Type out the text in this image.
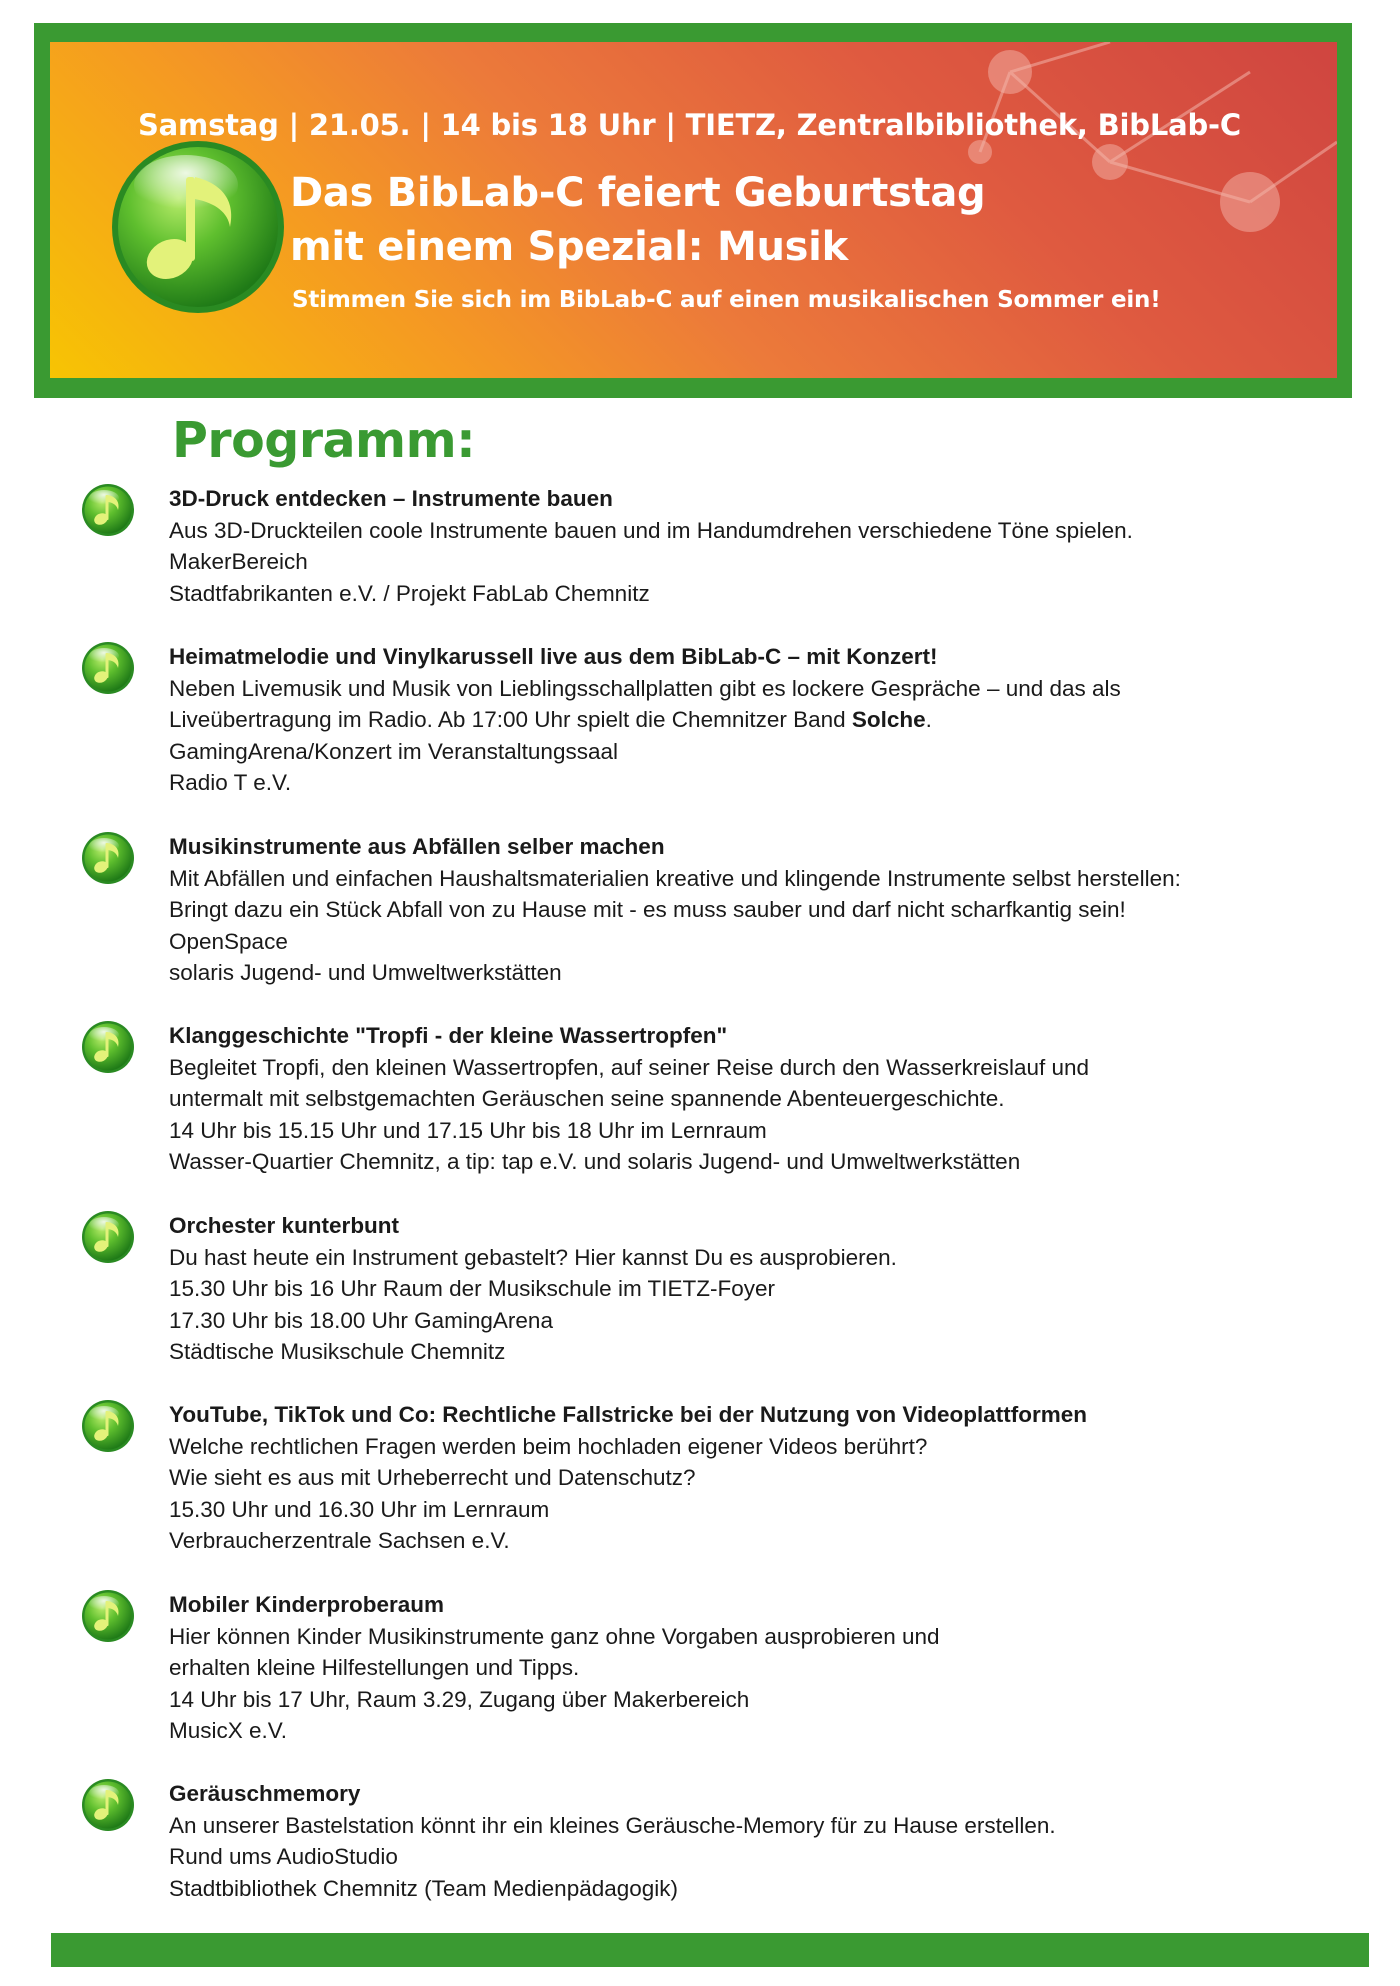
Samstag | 21.05. | 14 bis 18 Uhr | TIETZ, Zentralbibliothek, BibLab-C

Das BibLab-C feiert Geburtstag
mit einem Spezial: Musik

Stimmen Sie sich im BibLab-C auf einen musikalischen Sommer ein!

Programm:
3D-Druck entdecken – Instrumente bauen
Aus 3D-Druckteilen coole Instrumente bauen und im Handumdrehen verschiedene Töne spielen.
MakerBereich
Stadtfabrikanten e.V. / Projekt FabLab Chemnitz
Heimatmelodie und Vinylkarussell live aus dem BibLab-C – mit Konzert!
Neben Livemusik und Musik von Lieblingsschallplatten gibt es lockere Gespräche – und das als
Liveübertragung im Radio. Ab 17:00 Uhr spielt die Chemnitzer Band Solche.
GamingArena/Konzert im Veranstaltungssaal
Radio T e.V.
Musikinstrumente aus Abfällen selber machen
Mit Abfällen und einfachen Haushaltsmaterialien kreative und klingende Instrumente selbst herstellen:
Bringt dazu ein Stück Abfall von zu Hause mit - es muss sauber und darf nicht scharfkantig sein!
OpenSpace
solaris Jugend- und Umweltwerkstätten
Klanggeschichte "Tropfi - der kleine Wassertropfen"
Begleitet Tropfi, den kleinen Wassertropfen, auf seiner Reise durch den Wasserkreislauf und
untermalt mit selbstgemachten Geräuschen seine spannende Abenteuergeschichte.
14 Uhr bis 15.15 Uhr und 17.15 Uhr bis 18 Uhr im Lernraum
Wasser-Quartier Chemnitz, a tip: tap e.V. und solaris Jugend- und Umweltwerkstätten
Orchester kunterbunt
Du hast heute ein Instrument gebastelt? Hier kannst Du es ausprobieren.
15.30 Uhr bis 16 Uhr Raum der Musikschule im TIETZ-Foyer
17.30 Uhr bis 18.00 Uhr GamingArena
Städtische Musikschule Chemnitz
YouTube, TikTok und Co: Rechtliche Fallstricke bei der Nutzung von Videoplattformen
Welche rechtlichen Fragen werden beim hochladen eigener Videos berührt?
Wie sieht es aus mit Urheberrecht und Datenschutz?
15.30 Uhr und 16.30 Uhr im Lernraum
Verbraucherzentrale Sachsen e.V.
Mobiler Kinderproberaum
Hier können Kinder Musikinstrumente ganz ohne Vorgaben ausprobieren und
erhalten kleine Hilfestellungen und Tipps.
14 Uhr bis 17 Uhr, Raum 3.29, Zugang über Makerbereich
MusicX e.V.
Geräuschmemory
An unserer Bastelstation könnt ihr ein kleines Geräusche-Memory für zu Hause erstellen.
Rund ums AudioStudio
Stadtbibliothek Chemnitz (Team Medienpädagogik)
